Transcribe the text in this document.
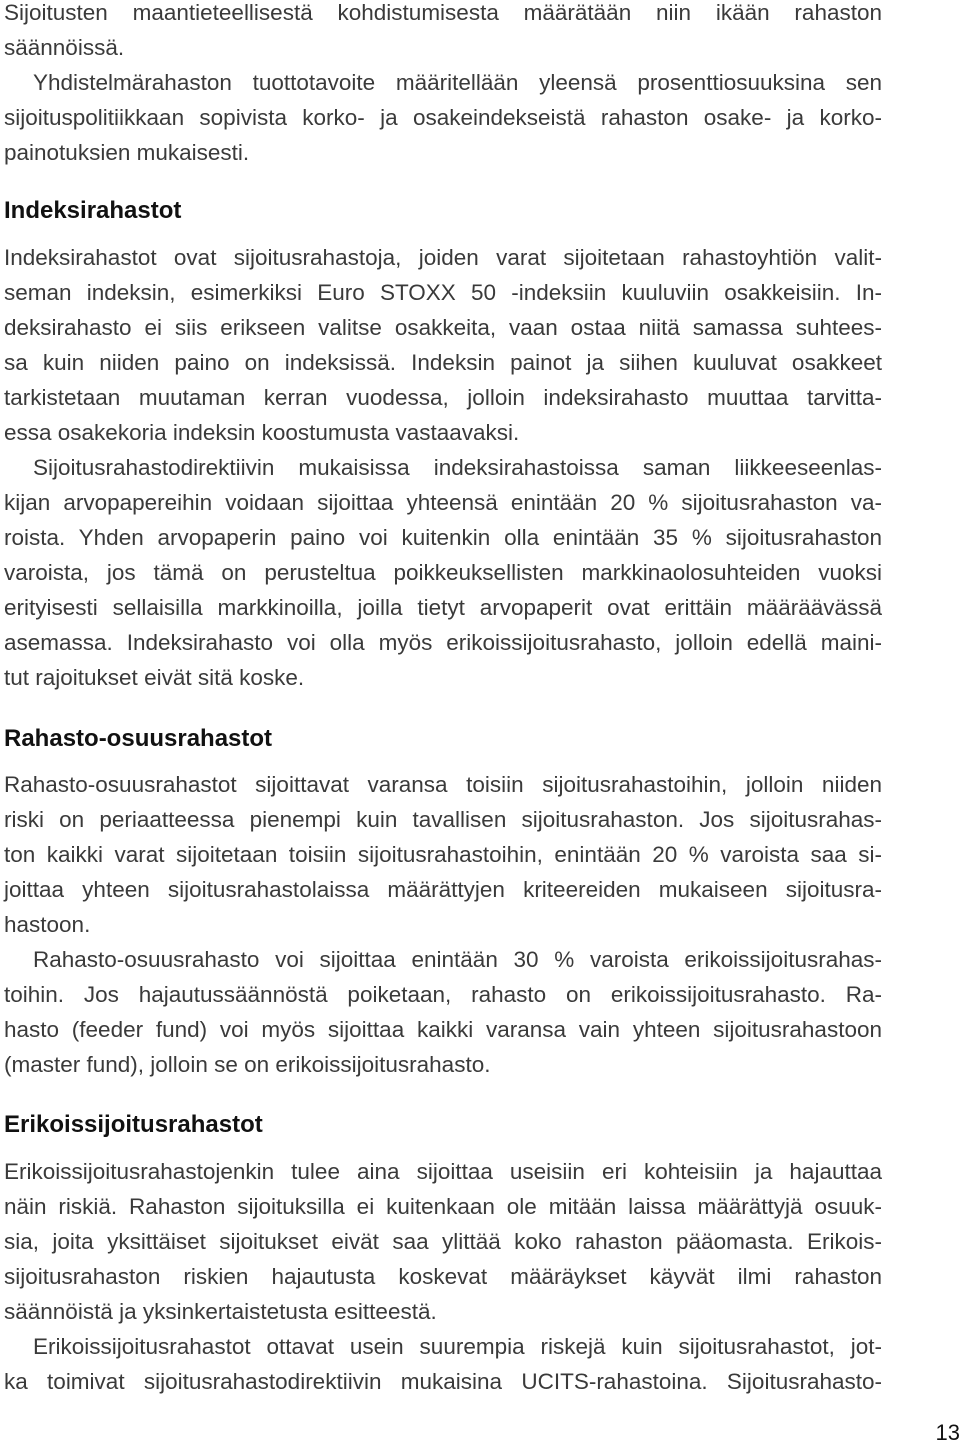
Sijoitusten maantieteellisestä kohdistumisesta määrätään niin ikään rahaston
säännöissä.
Yhdistelmärahaston tuottotavoite määritellään yleensä prosenttiosuuksina sen
sijoituspolitiikkaan sopivista korko- ja osakeindekseistä rahaston osake- ja korko-
painotuksien mukaisesti.
Indeksirahastot
Indeksirahastot ovat sijoitusrahastoja, joiden varat sijoitetaan rahastoyhtiön valit-
seman indeksin, esimerkiksi Euro STOXX 50 -indeksiin kuuluviin osakkeisiin. In-
deksirahasto ei siis erikseen valitse osakkeita, vaan ostaa niitä samassa suhtees-
sa kuin niiden paino on indeksissä. Indeksin painot ja siihen kuuluvat osakkeet
tarkistetaan muutaman kerran vuodessa, jolloin indeksirahasto muuttaa tarvitta-
essa osakekoria indeksin koostumusta vastaavaksi.
Sijoitusrahastodirektiivin mukaisissa indeksirahastoissa saman liikkeeseenlas-
kijan arvopapereihin voidaan sijoittaa yhteensä enintään 20 % sijoitusrahaston va-
roista. Yhden arvopaperin paino voi kuitenkin olla enintään 35 % sijoitusrahaston
varoista, jos tämä on perusteltua poikkeuksellisten markkinaolosuhteiden vuoksi
erityisesti sellaisilla markkinoilla, joilla tietyt arvopaperit ovat erittäin määräävässä
asemassa. Indeksirahasto voi olla myös erikoissijoitusrahasto, jolloin edellä maini-
tut rajoitukset eivät sitä koske.
Rahasto-osuusrahastot
Rahasto-osuusrahastot sijoittavat varansa toisiin sijoitusrahastoihin, jolloin niiden
riski on periaatteessa pienempi kuin tavallisen sijoitusrahaston. Jos sijoitusrahas-
ton kaikki varat sijoitetaan toisiin sijoitusrahastoihin, enintään 20 % varoista saa si-
joittaa yhteen sijoitusrahastolaissa määrättyjen kriteereiden mukaiseen sijoitusra-
hastoon.
Rahasto-osuusrahasto voi sijoittaa enintään 30 % varoista erikoissijoitusrahas-
toihin. Jos hajautussäännöstä poiketaan, rahasto on erikoissijoitusrahasto. Ra-
hasto (feeder fund) voi myös sijoittaa kaikki varansa vain yhteen sijoitusrahastoon
(master fund), jolloin se on erikoissijoitusrahasto.
Erikoissijoitusrahastot
Erikoissijoitusrahastojenkin tulee aina sijoittaa useisiin eri kohteisiin ja hajauttaa
näin riskiä. Rahaston sijoituksilla ei kuitenkaan ole mitään laissa määrättyjä osuuk-
sia, joita yksittäiset sijoitukset eivät saa ylittää koko rahaston pääomasta. Erikois-
sijoitusrahaston riskien hajautusta koskevat määräykset käyvät ilmi rahaston
säännöistä ja yksinkertaistetusta esitteestä.
Erikoissijoitusrahastot ottavat usein suurempia riskejä kuin sijoitusrahastot, jot-
ka toimivat sijoitusrahastodirektiivin mukaisina UCITS-rahastoina. Sijoitusrahasto-
13
